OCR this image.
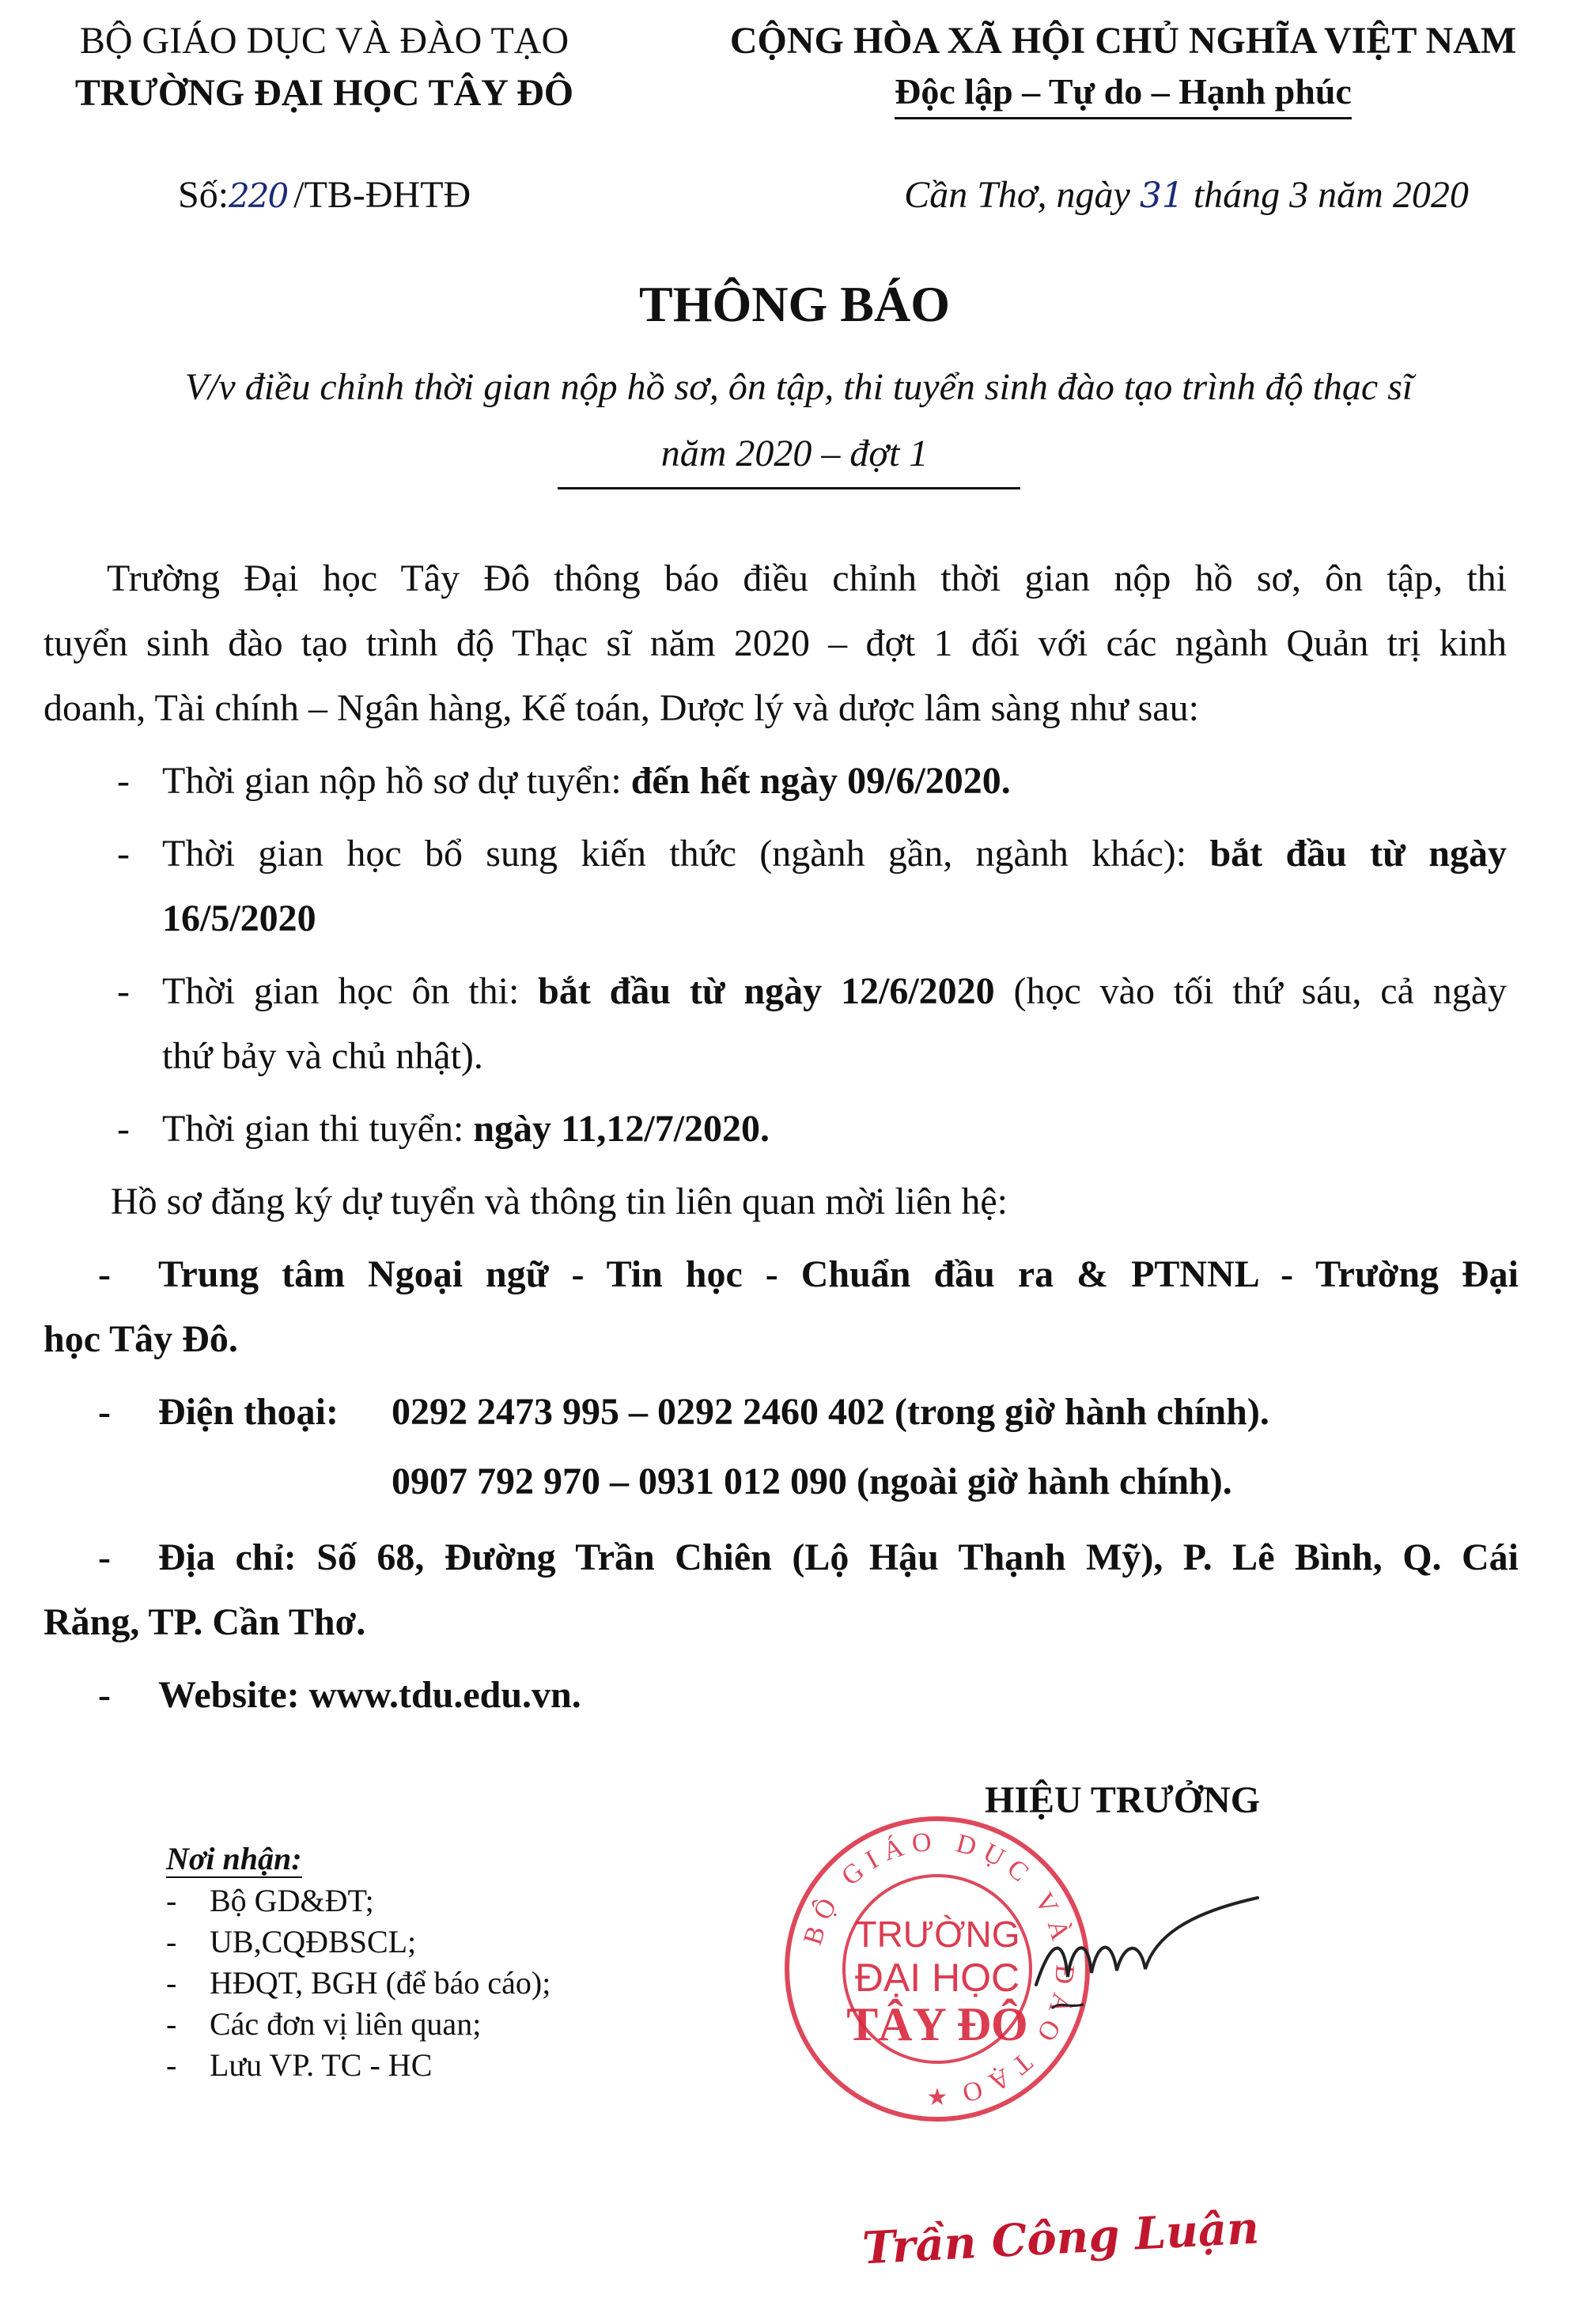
BỘ GIÁO DỤC VÀ ĐÀO TẠO
TRƯỜNG ĐẠI HỌC TÂY ĐÔ
CỘNG HÒA XÃ HỘI CHỦ NGHĨA VIỆT NAM
Độc lập – Tự do – Hạnh phúc
Số:220 /TB-ĐHTĐ	Cần Thơ, ngày 31 tháng 3 năm 2020
THÔNG BÁO
V/v điều chỉnh thời gian nộp hồ sơ, ôn tập, thi tuyển sinh đào tạo trình độ thạc sĩ
năm 2020 – đợt 1
Trường Đại học Tây Đô thông báo điều chỉnh thời gian nộp hồ sơ, ôn tập, thi
tuyển sinh đào tạo trình độ Thạc sĩ năm 2020 – đợt 1 đối với các ngành Quản trị kinh
doanh, Tài chính – Ngân hàng, Kế toán, Dược lý và dược lâm sàng như sau:
- Thời gian nộp hồ sơ dự tuyển: đến hết ngày 09/6/2020.
- Thời gian học bổ sung kiến thức (ngành gần, ngành khác): bắt đầu từ ngày
16/5/2020
- Thời gian học ôn thi: bắt đầu từ ngày 12/6/2020 (học vào tối thứ sáu, cả ngày
thứ bảy và chủ nhật).
- Thời gian thi tuyển: ngày 11,12/7/2020.
Hồ sơ đăng ký dự tuyển và thông tin liên quan mời liên hệ:
- Trung tâm Ngoại ngữ - Tin học - Chuẩn đầu ra & PTNNL - Trường Đại
học Tây Đô.
- Điện thoại:	0292 2473 995 – 0292 2460 402 (trong giờ hành chính).
0907 792 970 – 0931 012 090 (ngoài giờ hành chính).
- Địa chỉ: Số 68, Đường Trần Chiên (Lộ Hậu Thạnh Mỹ), P. Lê Bình, Q. Cái
Răng, TP. Cần Thơ.
- Website: www.tdu.edu.vn.
HIỆU TRƯỞNG
Nơi nhận:
- Bộ GD&ĐT;
- UB,CQĐBSCL;
- HĐQT, BGH (để báo cáo);
- Các đơn vị liên quan;
- Lưu VP. TC - HC
BỘ GIÁO DỤC VÀ ĐÀO TẠO
TRƯỜNG
ĐẠI HỌC
TÂY ĐÔ
★
Trần Công Luận
